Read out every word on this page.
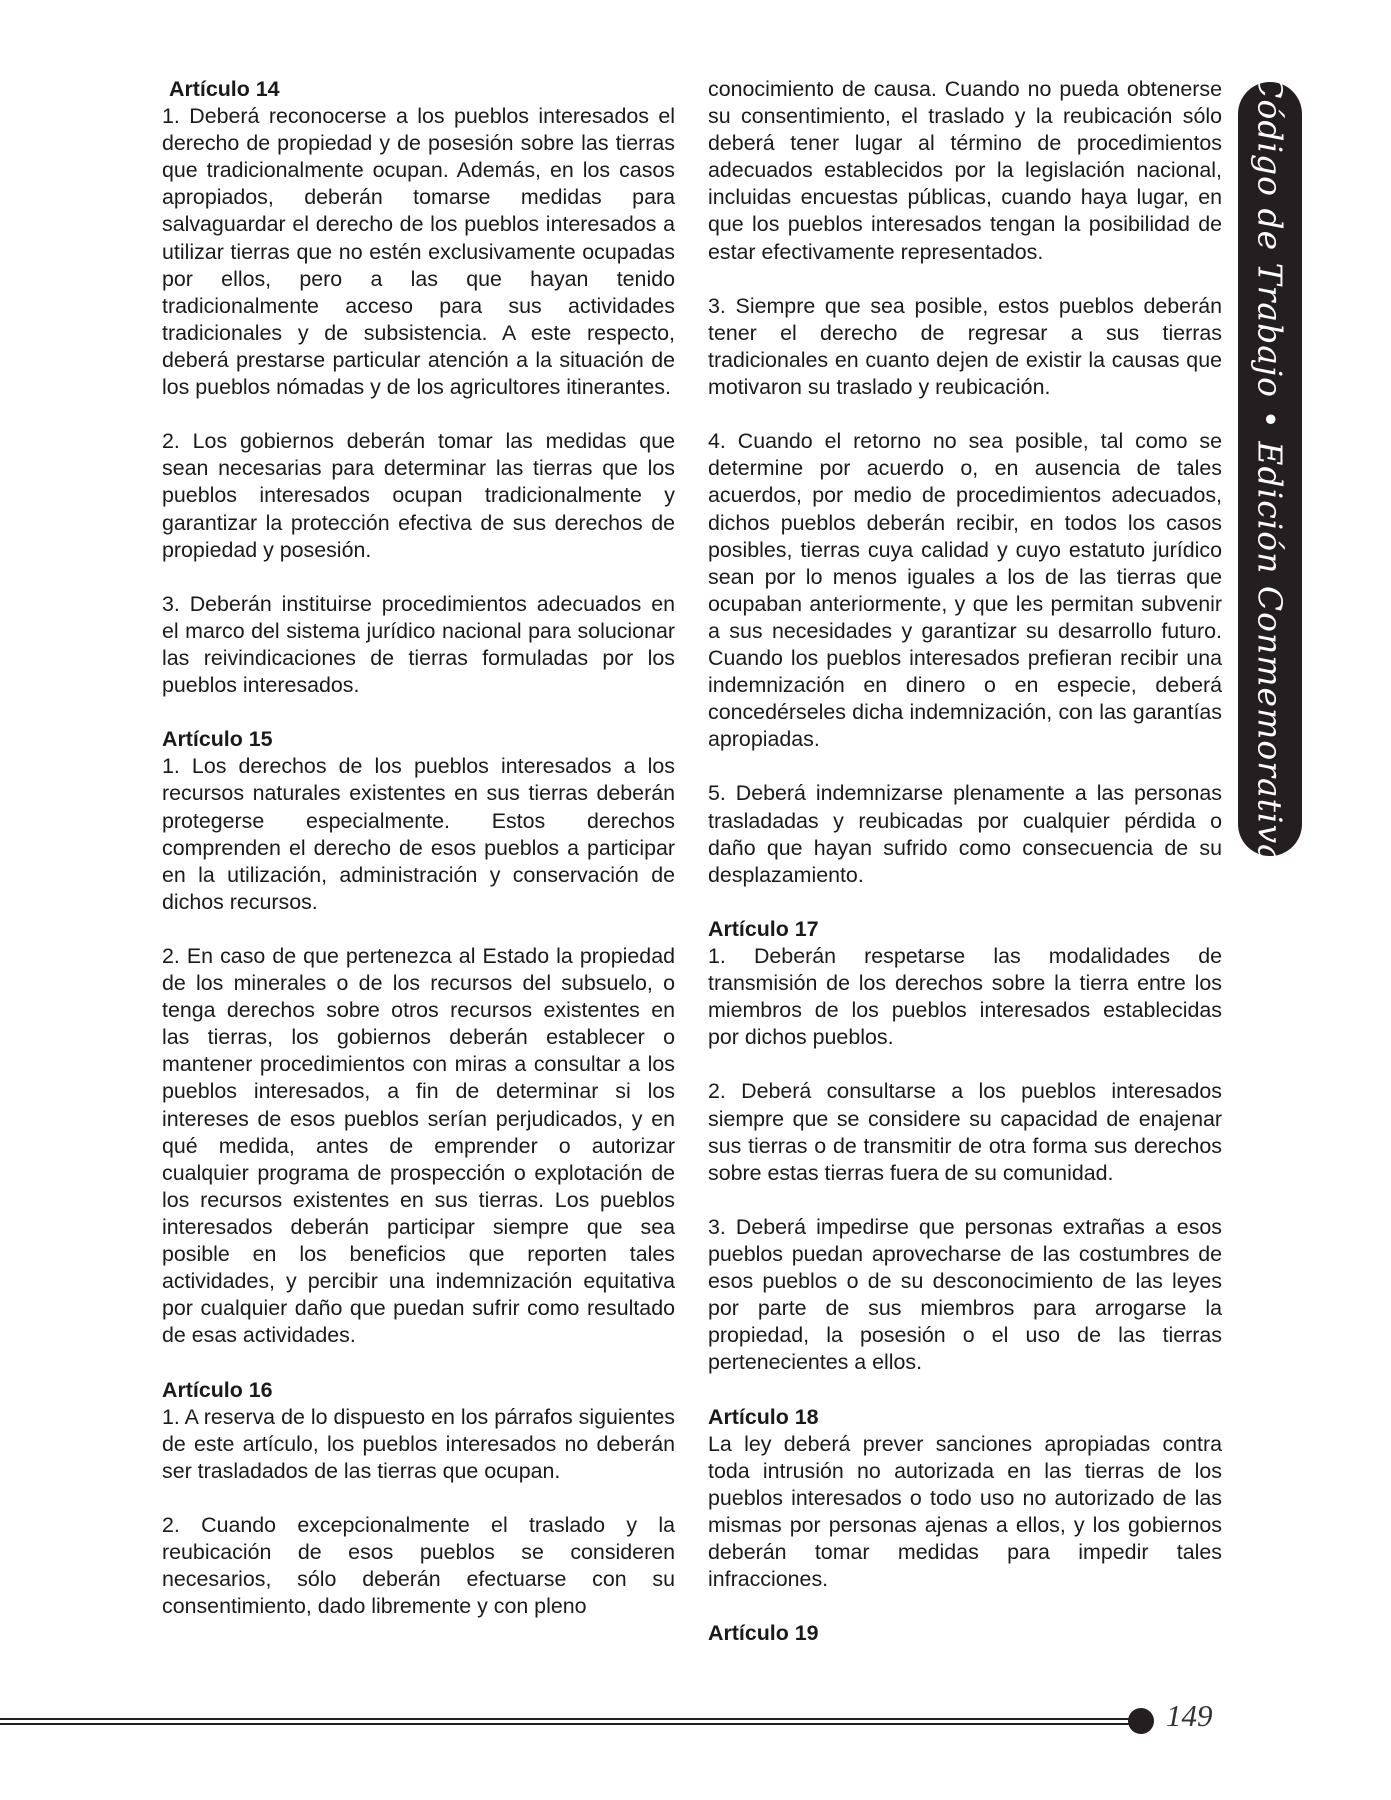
Artículo 14

1. Deberá reconocerse a los pueblos interesados el derecho de propiedad y de posesión sobre las tierras que tradicionalmente ocupan. Además, en los casos apropiados, deberán tomarse medidas para salvaguardar el derecho de los pueblos interesados a utilizar tierras que no estén exclusivamente ocupadas por ellos, pero a las que hayan tenido tradicionalmente acceso para sus actividades tradicionales y de subsistencia. A este respecto, deberá prestarse particular atención a la situación de los pueblos nómadas y de los agricultores itinerantes.

2. Los gobiernos deberán tomar las medidas que sean necesarias para determinar las tierras que los pueblos interesados ocupan tradicionalmente y garantizar la protección efectiva de sus derechos de propiedad y posesión.

3. Deberán instituirse procedimientos adecuados en el marco del sistema jurídico nacional para solucionar las reivindicaciones de tierras formuladas por los pueblos interesados.

Artículo 15

1. Los derechos de los pueblos interesados a los recursos naturales existentes en sus tierras deberán protegerse especialmente. Estos derechos comprenden el derecho de esos pueblos a participar en la utilización, administración y conservación de dichos recursos.

2. En caso de que pertenezca al Estado la propiedad de los minerales o de los recursos del subsuelo, o tenga derechos sobre otros recursos existentes en las tierras, los gobiernos deberán establecer o mantener procedimientos con miras a consultar a los pueblos interesados, a fin de determinar si los intereses de esos pueblos serían perjudicados, y en qué medida, antes de emprender o autorizar cualquier programa de prospección o explotación de los recursos existentes en sus tierras. Los pueblos interesados deberán participar siempre que sea posible en los beneficios que reporten tales actividades, y percibir una indemnización equitativa por cualquier daño que puedan sufrir como resultado de esas actividades.

Artículo 16

1. A reserva de lo dispuesto en los párrafos siguientes de este artículo, los pueblos interesados no deberán ser trasladados de las tierras que ocupan.

2. Cuando excepcionalmente el traslado y la reubicación de esos pueblos se consideren necesarios, sólo deberán efectuarse con su consentimiento, dado libremente y con pleno

conocimiento de causa. Cuando no pueda obtenerse su consentimiento, el traslado y la reubicación sólo deberá tener lugar al término de procedimientos adecuados establecidos por la legislación nacional, incluidas encuestas públicas, cuando haya lugar, en que los pueblos interesados tengan la posibilidad de estar efectivamente representados.

3. Siempre que sea posible, estos pueblos deberán tener el derecho de regresar a sus tierras tradicionales en cuanto dejen de existir la causas que motivaron su traslado y reubicación.

4. Cuando el retorno no sea posible, tal como se determine por acuerdo o, en ausencia de tales acuerdos, por medio de procedimientos adecuados, dichos pueblos deberán recibir, en todos los casos posibles, tierras cuya calidad y cuyo estatuto jurídico sean por lo menos iguales a los de las tierras que ocupaban anteriormente, y que les permitan subvenir a sus necesidades y garantizar su desarrollo futuro. Cuando los pueblos interesados prefieran recibir una indemnización en dinero o en especie, deberá concedérseles dicha indemnización, con las garantías apropiadas.

5. Deberá indemnizarse plenamente a las personas trasladadas y reubicadas por cualquier pérdida o daño que hayan sufrido como consecuencia de su desplazamiento.

Artículo 17

1. Deberán respetarse las modalidades de transmisión de los derechos sobre la tierra entre los miembros de los pueblos interesados establecidas por dichos pueblos.

2. Deberá consultarse a los pueblos interesados siempre que se considere su capacidad de enajenar sus tierras o de transmitir de otra forma sus derechos sobre estas tierras fuera de su comunidad.

3. Deberá impedirse que personas extrañas a esos pueblos puedan aprovecharse de las costumbres de esos pueblos o de su desconocimiento de las leyes por parte de sus miembros para arrogarse la propiedad, la posesión o el uso de las tierras pertenecientes a ellos.

Artículo 18

La ley deberá prever sanciones apropiadas contra toda intrusión no autorizada en las tierras de los pueblos interesados o todo uso no autorizado de las mismas por personas ajenas a ellos, y los gobiernos deberán tomar medidas para impedir tales infracciones.

Artículo 19
Código de Trabajo • Edición Conmemorativa
149
